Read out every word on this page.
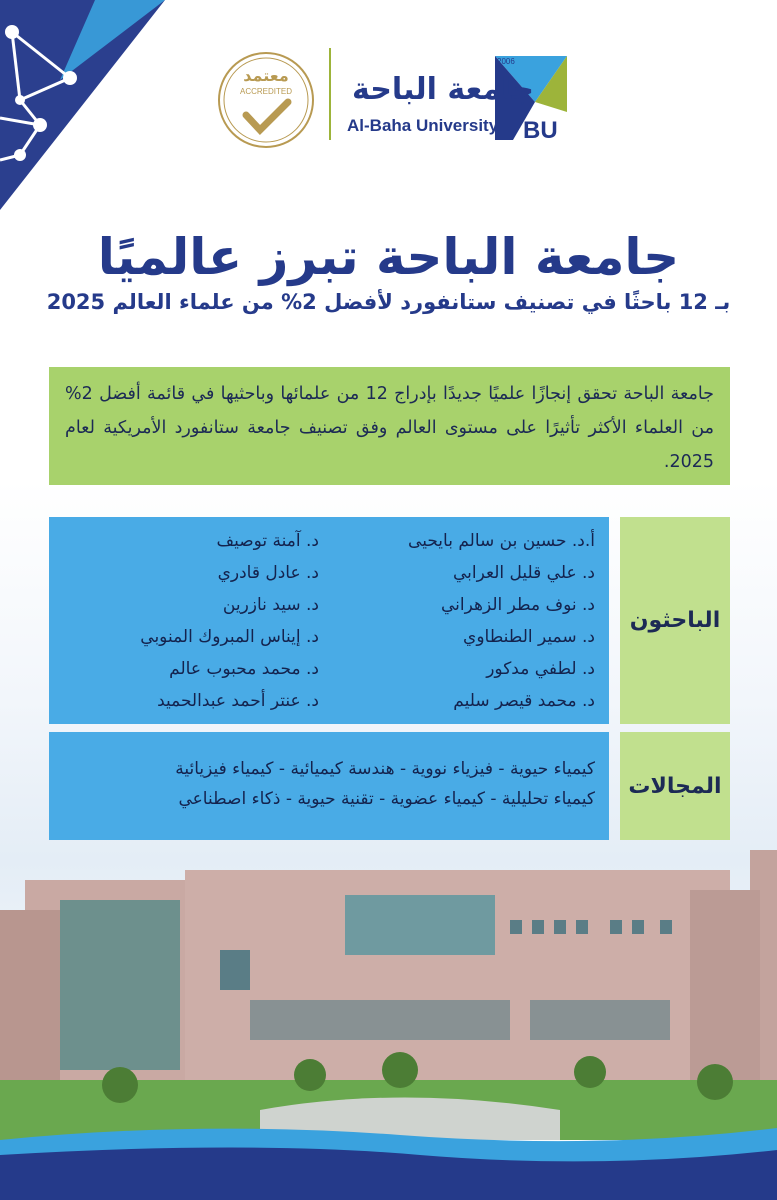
BU
2006
جامعة الباحة
Al-Baha University
معتمد
ACCREDITED
جامعة الباحة تبرز عالميًا
بـ 12 باحثًا في تصنيف ستانفورد لأفضل 2% من علماء العالم 2025
جامعة الباحة تحقق إنجازًا علميًا جديدًا بإدراج 12 من علمائها وباحثيها في قائمة أفضل 2% من العلماء الأكثر تأثيرًا على مستوى العالم وفق تصنيف جامعة ستانفورد الأمريكية لعام 2025.
الباحثون
أ.د. حسين بن سالم بايحيى
د. علي قليل العرابي
د. نوف مطر الزهراني
د. سمير الطنطاوي
د. لطفي مدكور
د. محمد قيصر سليم
د. آمنة توصيف
د. عادل قادري
د. سيد نازرين
د. إيناس المبروك المنوبي
د. محمد محبوب عالم
د. عنتر أحمد عبدالحميد
المجالات
كيمياء حيوية - فيزياء نووية - هندسة كيميائية - كيمياء فيزيائية
كيمياء تحليلية - كيمياء عضوية - تقنية حيوية - ذكاء اصطناعي
